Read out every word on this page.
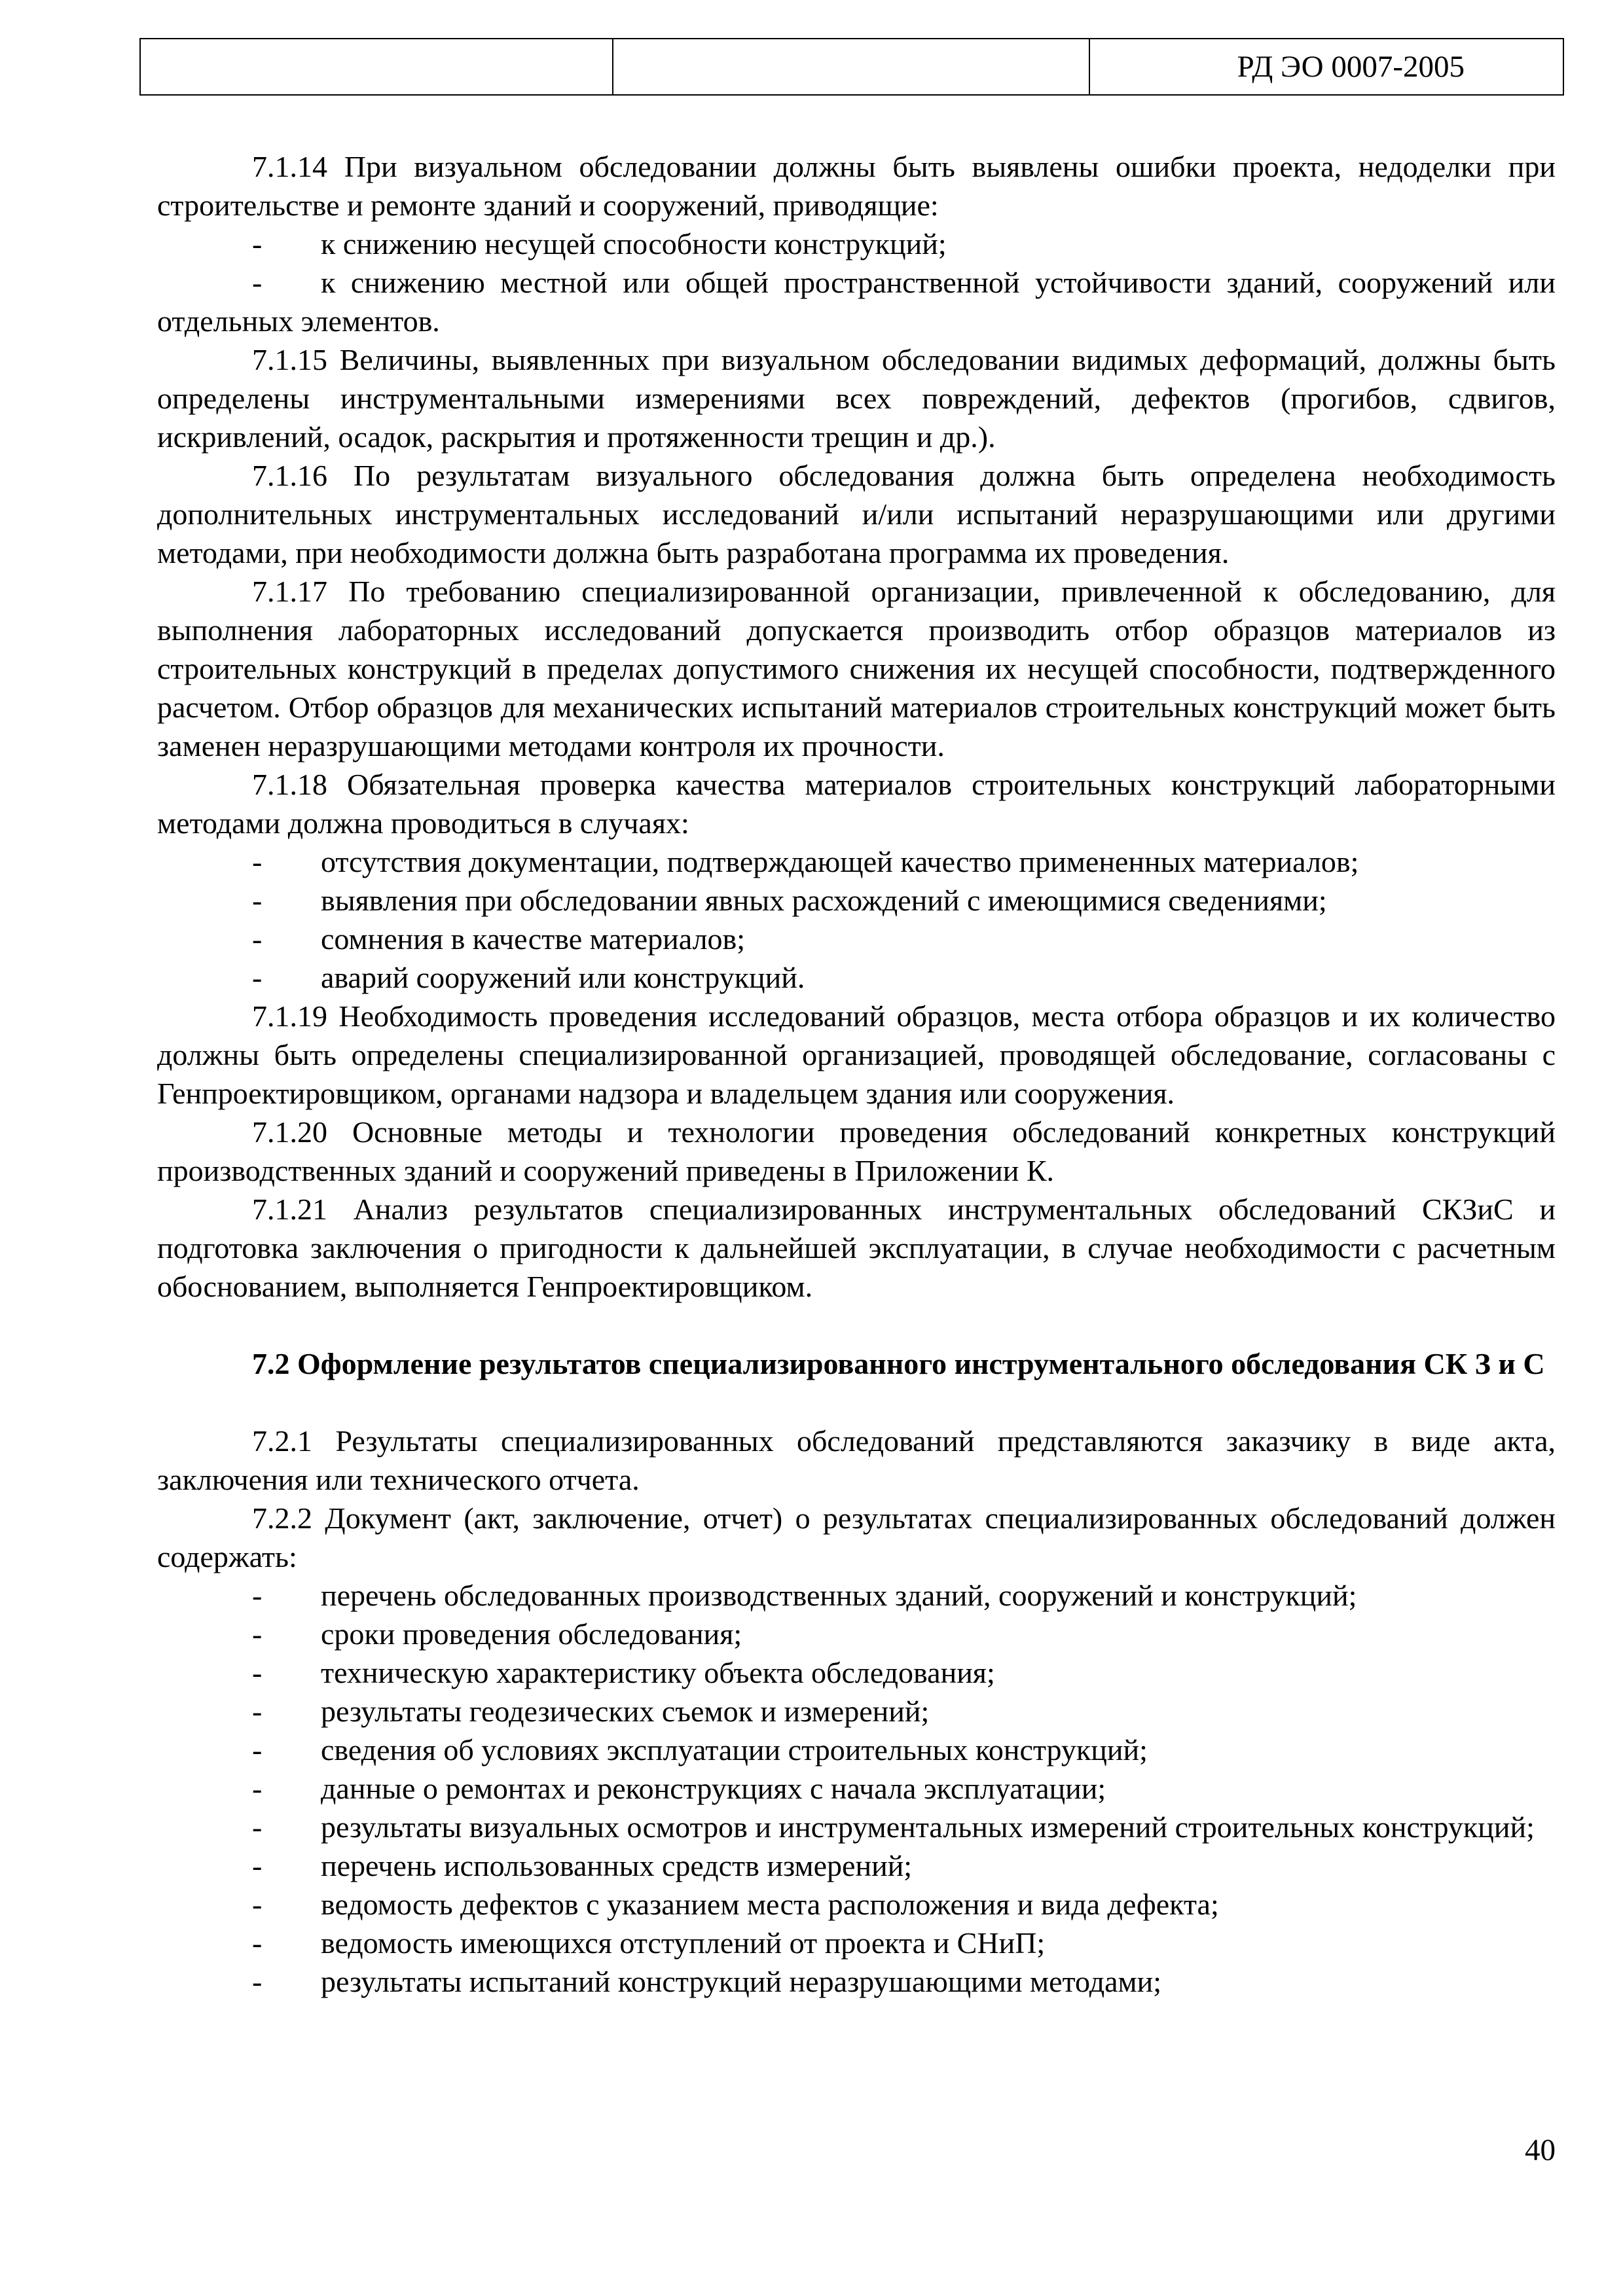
		РД ЭО 0007-2005

7.1.14 При визуальном обследовании должны быть выявлены ошибки проекта, недоделки при строительстве и ремонте зданий и сооружений, приводящие:

- к снижению несущей способности конструкций;

- к снижению местной или общей пространственной устойчивости зданий, сооружений или отдельных элементов.

7.1.15 Величины, выявленных при визуальном обследовании видимых деформаций, должны быть определены инструментальными измерениями всех повреждений, дефектов (прогибов, сдвигов, искривлений, осадок, раскрытия и протяженности трещин и др.).

7.1.16 По результатам визуального обследования должна быть определена необходимость дополнительных инструментальных исследований и/или испытаний неразрушающими или другими методами, при необходимости должна быть разработана программа их проведения.

7.1.17 По требованию специализированной организации, привлеченной к обследованию, для выполнения лабораторных исследований допускается производить отбор образцов материалов из строительных конструкций в пределах допустимого снижения их несущей способности, подтвержденного расчетом. Отбор образцов для механических испытаний материалов строительных конструкций может быть заменен неразрушающими методами контроля их прочности.

7.1.18 Обязательная проверка качества материалов строительных конструкций лабораторными методами должна проводиться в случаях:

- отсутствия документации, подтверждающей качество примененных материалов;

- выявления при обследовании явных расхождений с имеющимися сведениями;

- сомнения в качестве материалов;

- аварий сооружений или конструкций.

7.1.19 Необходимость проведения исследований образцов, места отбора образцов и их количество должны быть определены специализированной организацией, проводящей обследование, согласованы с Генпроектировщиком, органами надзора и владельцем здания или сооружения.

7.1.20 Основные методы и технологии проведения обследований конкретных конструкций производственных зданий и сооружений приведены в Приложении К.

7.1.21 Анализ результатов специализированных инструментальных обследований СКЗиС и подготовка заключения о пригодности к дальнейшей эксплуатации, в случае необходимости с расчетным обоснованием, выполняется Генпроектировщиком.

7.2 Оформление результатов специализированного инструментального обследования СК З и С

7.2.1 Результаты специализированных обследований представляются заказчику в виде акта, заключения или технического отчета.

7.2.2 Документ (акт, заключение, отчет) о результатах специализированных обследований должен содержать:

- перечень обследованных производственных зданий, сооружений и конструкций;

- сроки проведения обследования;

- техническую характеристику объекта обследования;

- результаты геодезических съемок и измерений;

- сведения об условиях эксплуатации строительных конструкций;

- данные о ремонтах и реконструкциях с начала эксплуатации;

- результаты визуальных осмотров и инструментальных измерений строительных конструкций;

- перечень использованных средств измерений;

- ведомость дефектов с указанием места расположения и вида дефекта;

- ведомость имеющихся отступлений от проекта и СНиП;

- результаты испытаний конструкций неразрушающими методами;

40
